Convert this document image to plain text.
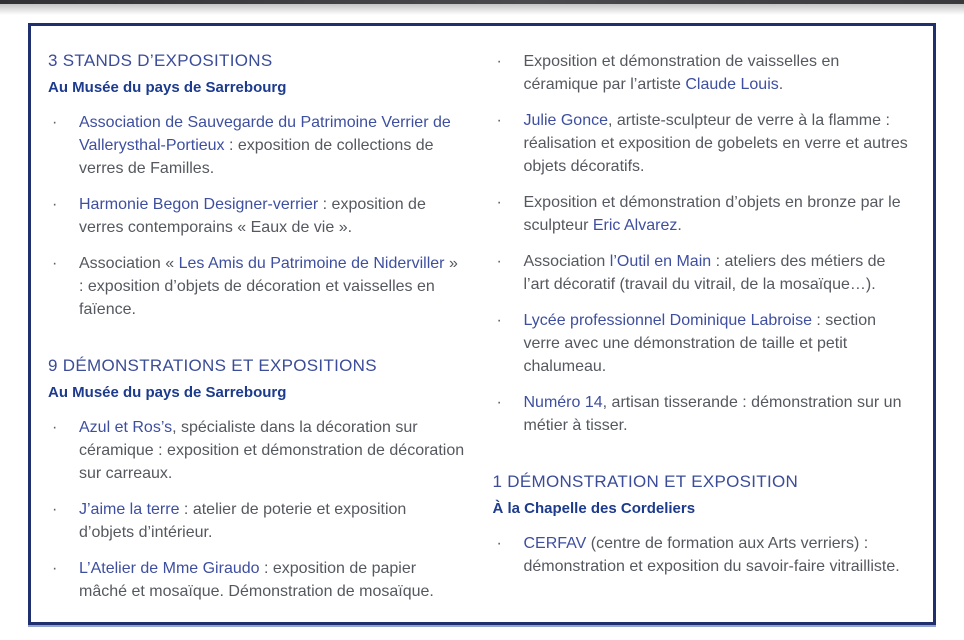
3 STANDS D’EXPOSITIONS
Au Musée du pays de Sarrebourg
· Association de Sauvegarde du Patrimoine Verrier de Vallerysthal-Portieux : exposition de collections de verres de Familles.
· Harmonie Begon Designer-verrier : exposition de verres contemporains « Eaux de vie ».
· Association « Les Amis du Patrimoine de Niderviller » : exposition d’objets de décoration et vaisselles en faïence.
9 DÉMONSTRATIONS ET EXPOSITIONS
Au Musée du pays de Sarrebourg
· Azul et Ros’s, spécialiste dans la décoration sur céramique : exposition et démonstration de décoration sur carreaux.
· J’aime la terre : atelier de poterie et exposition d’objets d’intérieur.
· L’Atelier de Mme Giraudo : exposition de papier mâché et mosaïque. Démonstration de mosaïque.
· Exposition et démonstration de vaisselles en céramique par l’artiste Claude Louis.
· Julie Gonce, artiste-sculpteur de verre à la flamme : réalisation et exposition de gobelets en verre et autres objets décoratifs.
· Exposition et démonstration d’objets en bronze par le sculpteur Eric Alvarez.
· Association l’Outil en Main : ateliers des métiers de l’art décoratif (travail du vitrail, de la mosaïque…).
· Lycée professionnel Dominique Labroise : section verre avec une démonstration de taille et petit chalumeau.
· Numéro 14, artisan tisserande : démonstration sur un métier à tisser.
1 DÉMONSTRATION ET EXPOSITION
À la Chapelle des Cordeliers
· CERFAV (centre de formation aux Arts verriers) : démonstration et exposition du savoir-faire vitrailliste.
